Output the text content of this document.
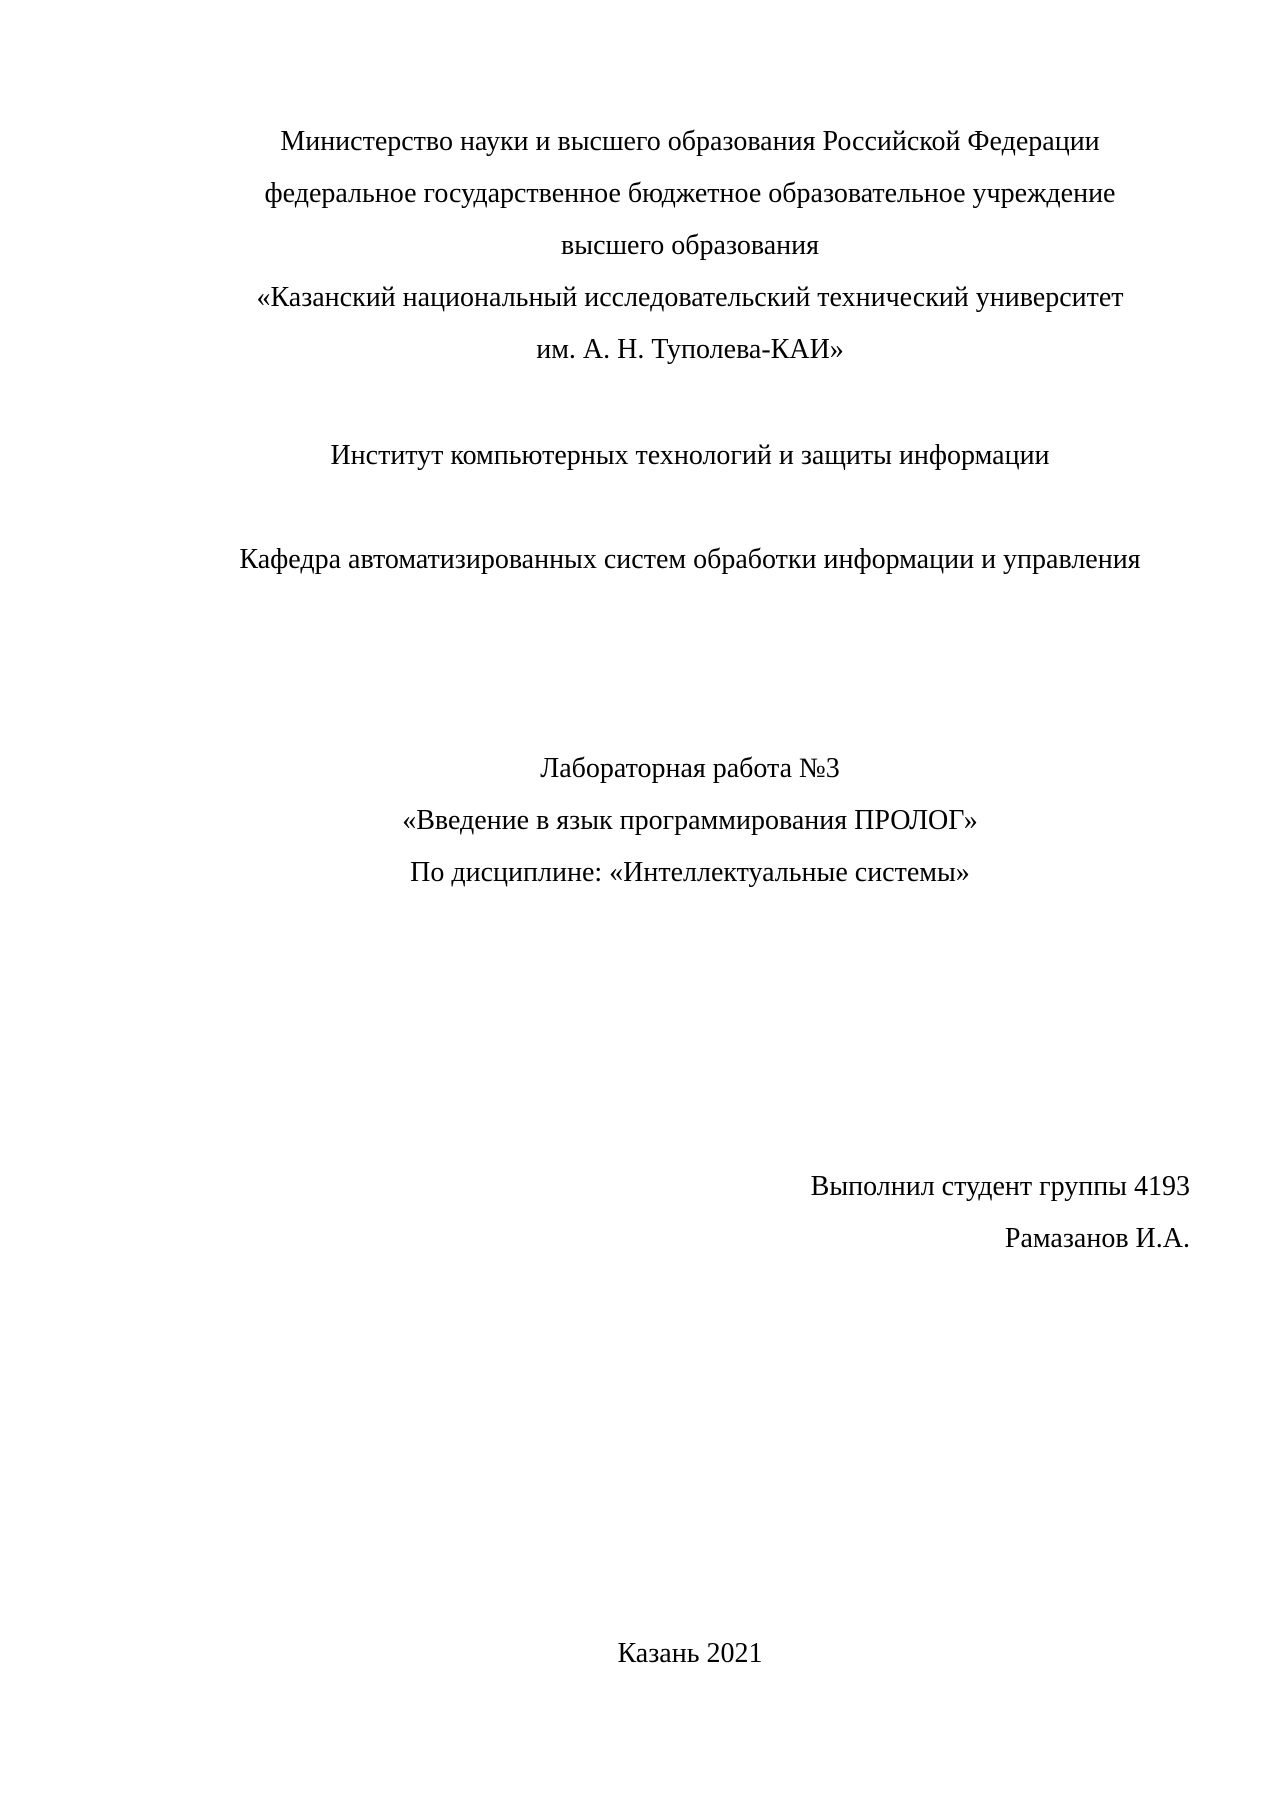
Министерство науки и высшего образования Российской Федерации
федеральное государственное бюджетное образовательное учреждение
высшего образования
«Казанский национальный исследовательский технический университет
им. А. Н. Туполева-КАИ»
Институт компьютерных технологий и защиты информации
Кафедра автоматизированных систем обработки информации и управления
Лабораторная работа №3
«Введение в язык программирования ПРОЛОГ»
По дисциплине: «Интеллектуальные системы»
Выполнил студент группы 4193
Рамазанов И.А.
Казань 2021
